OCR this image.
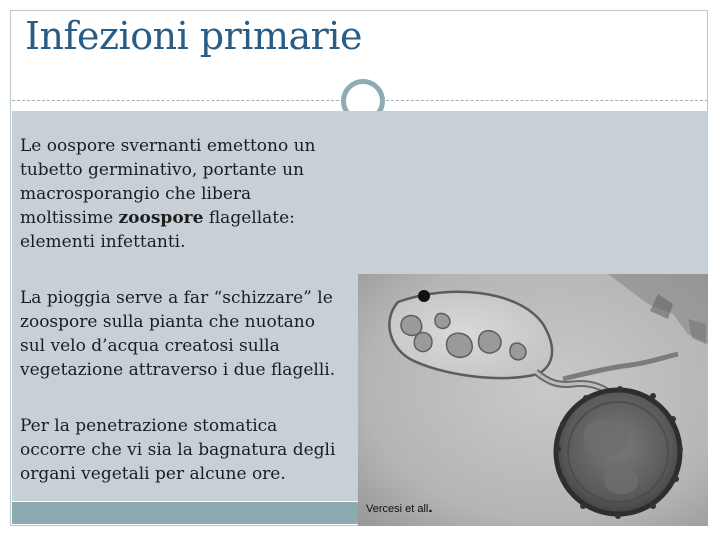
Infezioni primarie
Le oospore svernanti emettono un
tubetto germinativo, portante un
macrosporangio che libera
moltissime zoospore flagellate:
elementi infettanti.
La pioggia serve a far “schizzare” le
zoospore sulla pianta che nuotano
sul velo d’acqua creatosi sulla
vegetazione attraverso i due flagelli.
Per la penetrazione stomatica
occorre che vi sia la bagnatura degli
organi vegetali per alcune ore.
Vercesi et all.
